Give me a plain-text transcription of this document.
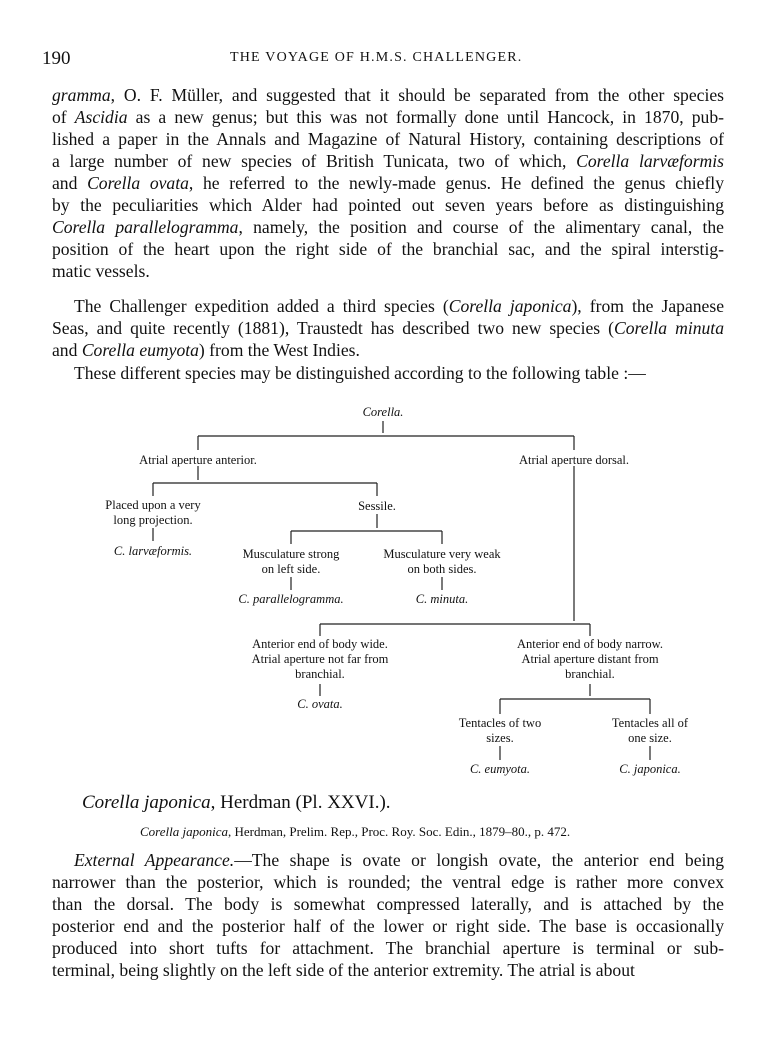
190	THE VOYAGE OF H.M.S. CHALLENGER.
gramma, O. F. Müller, and suggested that it should be separated from the other species
of Ascidia as a new genus; but this was not formally done until Hancock, in 1870, pub-
lished a paper in the Annals and Magazine of Natural History, containing descriptions of
a large number of new species of British Tunicata, two of which, Corella larvæformis
and Corella ovata, he referred to the newly-made genus. He defined the genus chiefly
by the peculiarities which Alder had pointed out seven years before as distinguishing
Corella parallelogramma, namely, the position and course of the alimentary canal, the
position of the heart upon the right side of the branchial sac, and the spiral interstig-
matic vessels.
The Challenger expedition added a third species (Corella japonica), from the Japanese
Seas, and quite recently (1881), Traustedt has described two new species (Corella minuta
and Corella eumyota) from the West Indies.
These different species may be distinguished according to the following table :—
Corella.
Atrial aperture anterior.	Atrial aperture dorsal.
Placed upon a very
long projection.
Sessile.
C. larvæformis.	Musculature strong
on left side.
Musculature very weak
on both sides.
C. parallelogramma.	C. minuta.
Anterior end of body wide.
Atrial aperture not far from
branchial.
Anterior end of body narrow.
Atrial aperture distant from
branchial.
C. ovata.
Tentacles of two
sizes.
Tentacles all of
one size.
C. eumyota.	C. japonica.
Corella japonica, Herdman (Pl. XXVI.).
Corella japonica, Herdman, Prelim. Rep., Proc. Roy. Soc. Edin., 1879–80., p. 472.
External Appearance.—The shape is ovate or longish ovate, the anterior end being
narrower than the posterior, which is rounded; the ventral edge is rather more convex
than the dorsal. The body is somewhat compressed laterally, and is attached by the
posterior end and the posterior half of the lower or right side. The base is occasionally
produced into short tufts for attachment. The branchial aperture is terminal or sub-
terminal, being slightly on the left side of the anterior extremity. The atrial is about
